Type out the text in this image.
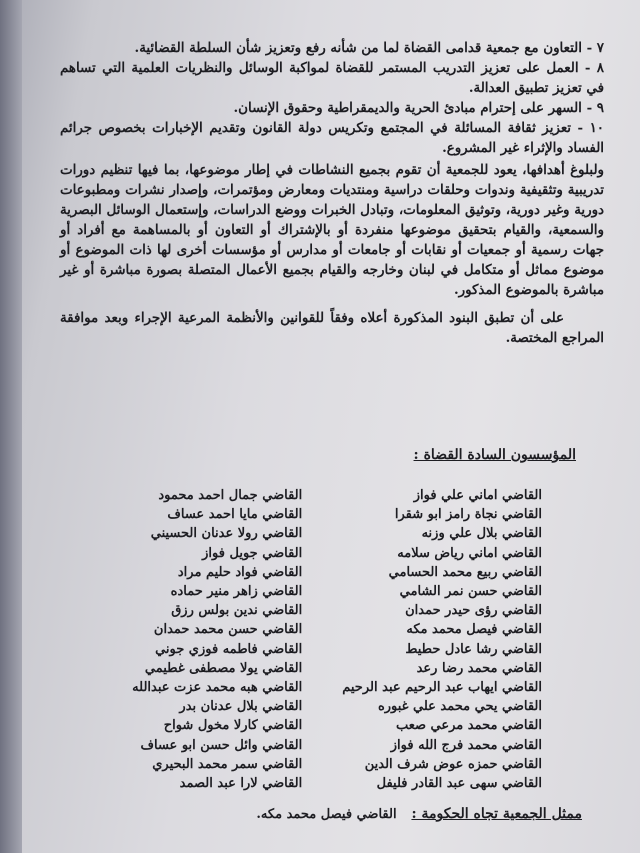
٧ - التعاون مع جمعية قدامى القضاة لما من شأنه رفع وتعزيز شأن السلطة القضائية.

٨ - العمل على تعزيز التدريب المستمر للقضاة لمواكبة الوسائل والنظريات العلمية التي تساهم في تعزيز تطبيق العدالة.

٩ - السهر على إحترام مبادئ الحرية والديمقراطية وحقوق الإنسان.

١٠ - تعزيز ثقافة المسائلة في المجتمع وتكريس دولة القانون وتقديم الإخبارات بخصوص جرائم الفساد والإثراء غير المشروع.

ولبلوغ أهدافها، يعود للجمعية أن تقوم بجميع النشاطات في إطار موضوعها، بما فيها تنظيم دورات تدريبية وتثقيفية وندوات وحلقات دراسية ومنتديات ومعارض ومؤتمرات، وإصدار نشرات ومطبوعات دورية وغير دورية، وتوثيق المعلومات، وتبادل الخبرات ووضع الدراسات، وإستعمال الوسائل البصرية والسمعية، والقيام بتحقيق موضوعها منفردة أو بالإشتراك أو التعاون أو بالمساهمة مع أفراد أو جهات رسمية أو جمعيات أو نقابات أو جامعات أو مدارس أو مؤسسات أخرى لها ذات الموضوع أو موضوع مماثل أو متكامل في لبنان وخارجه والقيام بجميع الأعمال المتصلة بصورة مباشرة أو غير مباشرة بالموضوع المذكور.

على أن تطبق البنود المذكورة أعلاه وفقاً للقوانين والأنظمة المرعية الإجراء وبعد موافقة المراجع المختصة.

المؤسسون السادة القضاة :
القاضي اماني علي فواز
القاضي جمال احمد محمود
القاضي نجاة رامز ابو شقرا
القاضي مايا احمد عساف
القاضي بلال علي وزنه
القاضي رولا عدنان الحسيني
القاضي اماني رياض سلامه
القاضي جويل فواز
القاضي ربيع محمد الحسامي
القاضي فواد حليم مراد
القاضي حسن نمر الشامي
القاضي زاهر منير حماده
القاضي رؤى حيدر حمدان
القاضي ندين بولس رزق
القاضي فيصل محمد مكه
القاضي حسن محمد حمدان
القاضي رشا عادل حطيط
القاضي فاطمه فوزي جوني
القاضي محمد رضا رعد
القاضي يولا مصطفى غطيمي
القاضي ايهاب عبد الرحيم عبد الرحيم
القاضي هبه محمد عزت عبدالله
القاضي يحي محمد علي غبوره
القاضي بلال عدنان بدر
القاضي محمد مرعي صعب
القاضي كارلا مخول شواح
القاضي محمد فرج الله فواز
القاضي وائل حسن ابو عساف
القاضي حمزه عوض شرف الدين
القاضي سمر محمد البحيري
القاضي سهى عبد القادر فليفل
القاضي لارا عبد الصمد
ممثل الجمعية تجاه الحكومة : القاضي فيصل محمد مكه.
